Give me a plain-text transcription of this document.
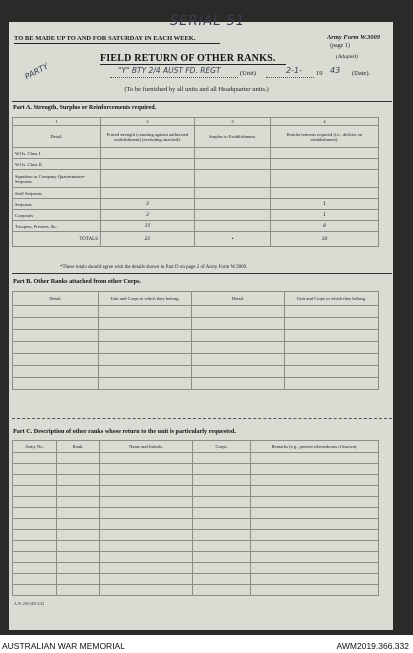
SERIAL 51
TO BE MADE UP TO AND FOR SATURDAY IN EACH WEEK.	Army Form W.3009
(page 1)
(Adapted)
FIELD RETURN OF OTHER RANKS.
PARTY	"Y" BTY 2/4 AUST FD. REGT	(Unit)	2-1- 19 43 (Date).
(To be furnished by all units and all Headquarter units.)
Part A. Strength, Surplus or Reinforcements required.
1	2	3	4
Detail.	Posted strength (counting against authorised establishment) (excluding attached).	Surplus to Establishment.	Reinforcements required (i.e., deficits on establishment).
W.Os. Class I.			
W.Os. Class II.			
Squadron or Company Quartermaster-Serjeants			
Staff Serjeants			
Serjeants	3		1
Corporals	3		1
Troopers, Privates, &c.	15		8
TOTALS	21	•	10
*These totals should agree with the details shown in Part D on page 2 of Army Form W.3009.
Part B. Other Ranks attached from other Corps.
Detail.	Unit and Corps to which they belong.	Detail.	Unit and Corps to which they belong.

Part C. Description of other ranks whose return to the unit is particularly requested.
Army No.	Rank.	Name and Initials.	Corps.	Remarks (e.g., present whereabouts if known).

A.W. 256 SEA 2/42
AUSTRALIAN WAR MEMORIAL	AWM2019.366.332
